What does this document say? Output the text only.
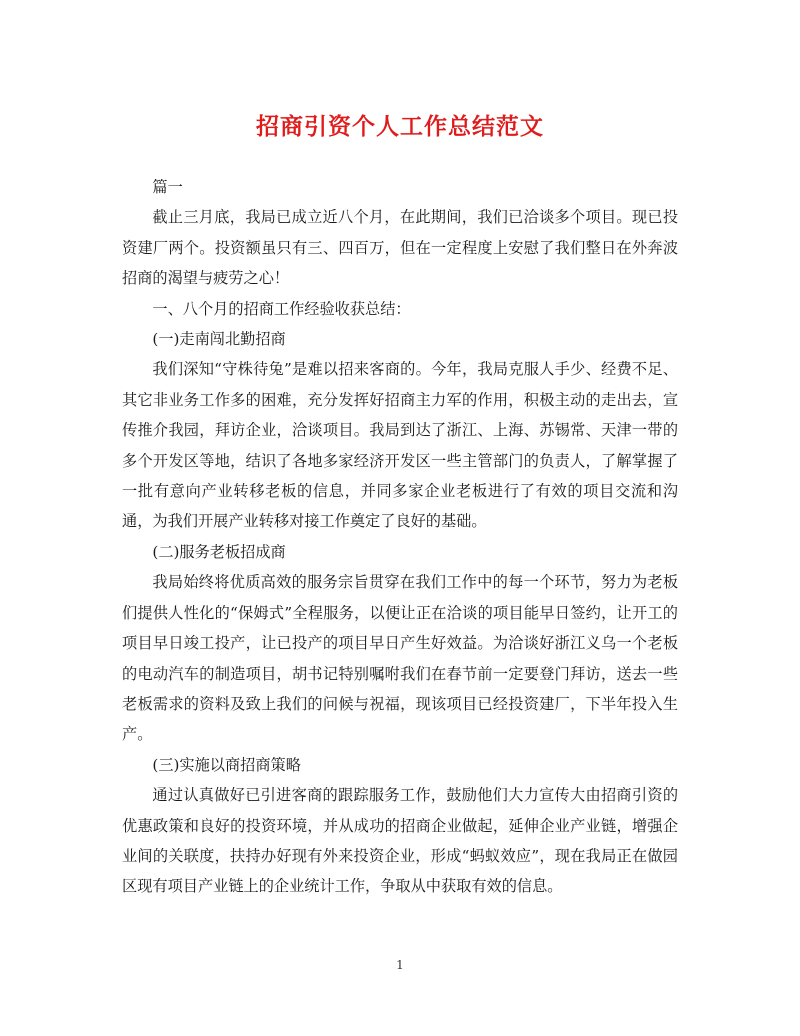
招商引资个人工作总结范文

篇一

截止三月底，我局已成立近八个月，在此期间，我们已洽谈多个项目。现已投资建厂两个。投资额虽只有三、四百万，但在一定程度上安慰了我们整日在外奔波招商的渴望与疲劳之心！

一、八个月的招商工作经验收获总结：

(一)走南闯北勤招商

我们深知“守株待兔”是难以招来客商的。今年，我局克服人手少、经费不足、其它非业务工作多的困难，充分发挥好招商主力军的作用，积极主动的走出去，宣传推介我园，拜访企业，洽谈项目。我局到达了浙江、上海、苏锡常、天津一带的多个开发区等地，结识了各地多家经济开发区一些主管部门的负责人，了解掌握了一批有意向产业转移老板的信息，并同多家企业老板进行了有效的项目交流和沟通，为我们开展产业转移对接工作奠定了良好的基础。

(二)服务老板招成商

我局始终将优质高效的服务宗旨贯穿在我们工作中的每一个环节，努力为老板们提供人性化的“保姆式”全程服务，以便让正在洽谈的项目能早日签约，让开工的项目早日竣工投产，让已投产的项目早日产生好效益。为洽谈好浙江义乌一个老板的电动汽车的制造项目，胡书记特别嘱咐我们在春节前一定要登门拜访，送去一些老板需求的资料及致上我们的问候与祝福，现该项目已经投资建厂，下半年投入生产。

(三)实施以商招商策略

通过认真做好已引进客商的跟踪服务工作，鼓励他们大力宣传大由招商引资的优惠政策和良好的投资环境，并从成功的招商企业做起，延伸企业产业链，增强企业间的关联度，扶持办好现有外来投资企业，形成“蚂蚁效应”，现在我局正在做园区现有项目产业链上的企业统计工作，争取从中获取有效的信息。

1
